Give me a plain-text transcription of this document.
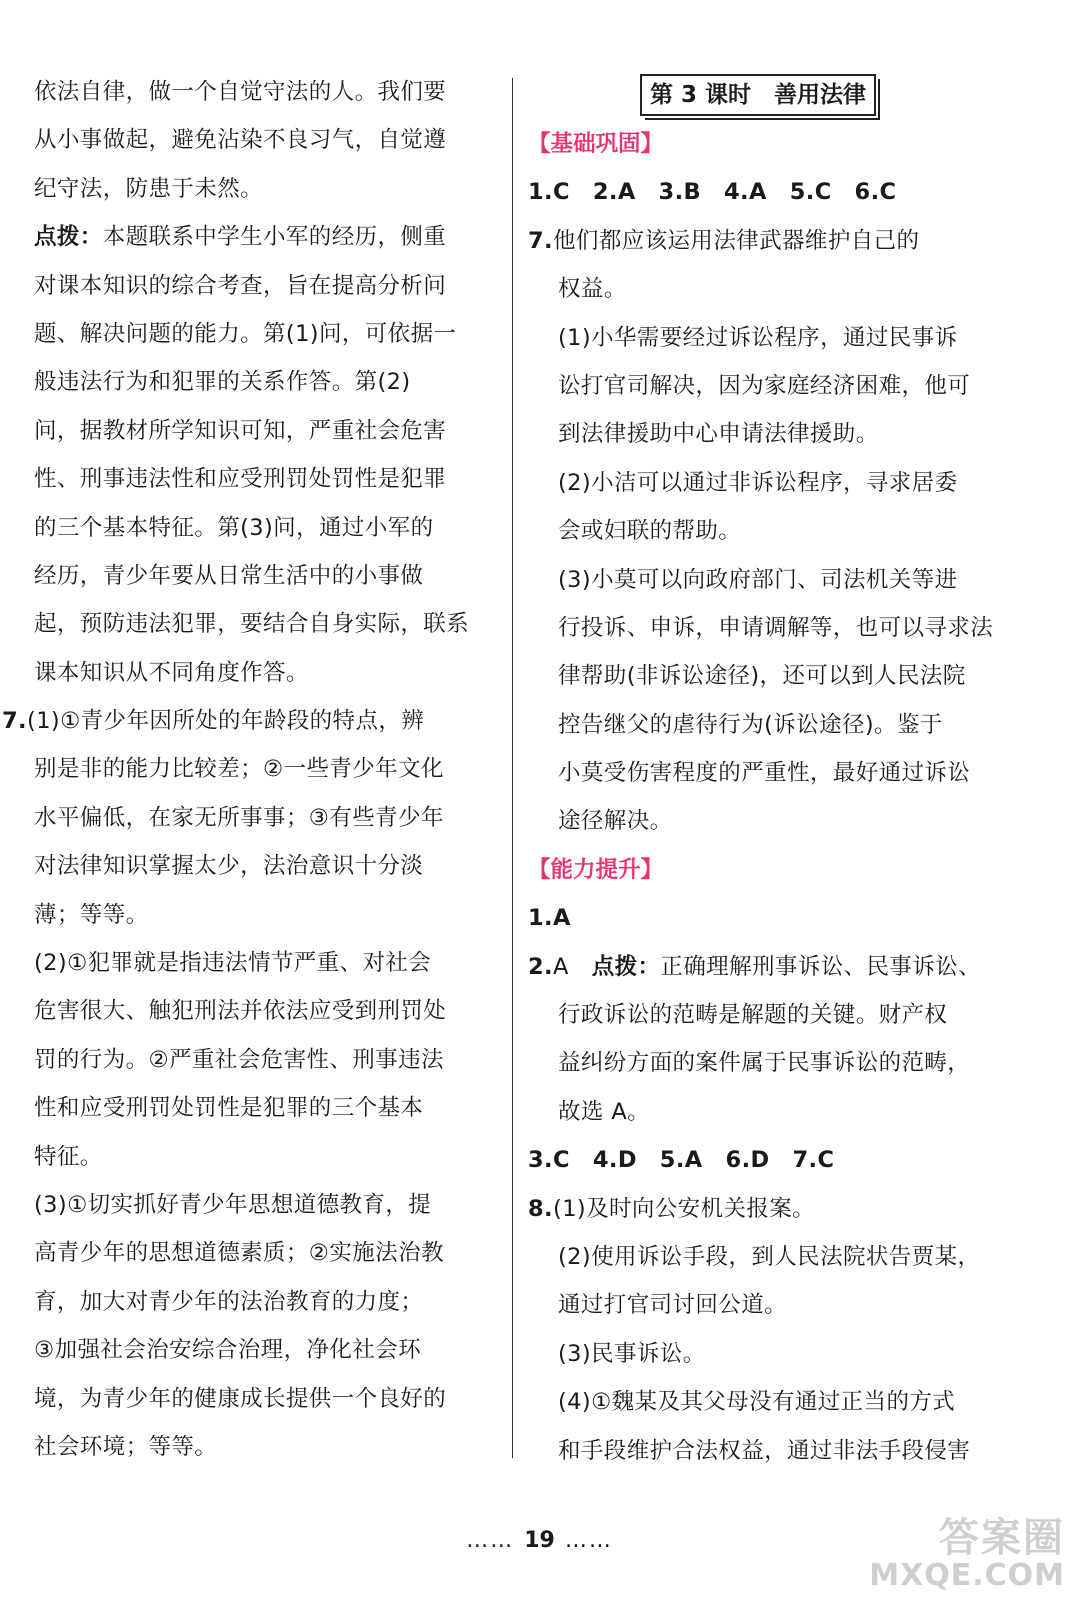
依法自律，做一个自觉守法的人。我们要
从小事做起，避免沾染不良习气，自觉遵
纪守法，防患于未然。
点拨：本题联系中学生小军的经历，侧重
对课本知识的综合考查，旨在提高分析问
题、解决问题的能力。第(1)问，可依据一
般违法行为和犯罪的关系作答。第(2)
问，据教材所学知识可知，严重社会危害
性、刑事违法性和应受刑罚处罚性是犯罪
的三个基本特征。第(3)问，通过小军的
经历，青少年要从日常生活中的小事做
起，预防违法犯罪，要结合自身实际，联系
课本知识从不同角度作答。
7.(1)①青少年因所处的年龄段的特点，辨
别是非的能力比较差；②一些青少年文化
水平偏低，在家无所事事；③有些青少年
对法律知识掌握太少，法治意识十分淡
薄；等等。
(2)①犯罪就是指违法情节严重、对社会
危害很大、触犯刑法并依法应受到刑罚处
罚的行为。②严重社会危害性、刑事违法
性和应受刑罚处罚性是犯罪的三个基本
特征。
(3)①切实抓好青少年思想道德教育，提
高青少年的思想道德素质；②实施法治教
育，加大对青少年的法治教育的力度；
③加强社会治安综合治理，净化社会环
境，为青少年的健康成长提供一个良好的
社会环境；等等。
第 3 课时　善用法律
【基础巩固】
1.C　2.A　3.B　4.A　5.C　6.C
7.他们都应该运用法律武器维护自己的
权益。
(1)小华需要经过诉讼程序，通过民事诉
讼打官司解决，因为家庭经济困难，他可
到法律援助中心申请法律援助。
(2)小洁可以通过非诉讼程序，寻求居委
会或妇联的帮助。
(3)小莫可以向政府部门、司法机关等进
行投诉、申诉，申请调解等，也可以寻求法
律帮助(非诉讼途径)，还可以到人民法院
控告继父的虐待行为(诉讼途径)。鉴于
小莫受伤害程度的严重性，最好通过诉讼
途径解决。
【能力提升】
1.A
2.A　点拨：正确理解刑事诉讼、民事诉讼、
行政诉讼的范畴是解题的关键。财产权
益纠纷方面的案件属于民事诉讼的范畴，
故选 A。
3.C　4.D　5.A　6.D　7.C
8.(1)及时向公安机关报案。
(2)使用诉讼手段，到人民法院状告贾某，
通过打官司讨回公道。
(3)民事诉讼。
(4)①魏某及其父母没有通过正当的方式
和手段维护合法权益，通过非法手段侵害
…… 19 ……	答案圈
MXQE.COM
